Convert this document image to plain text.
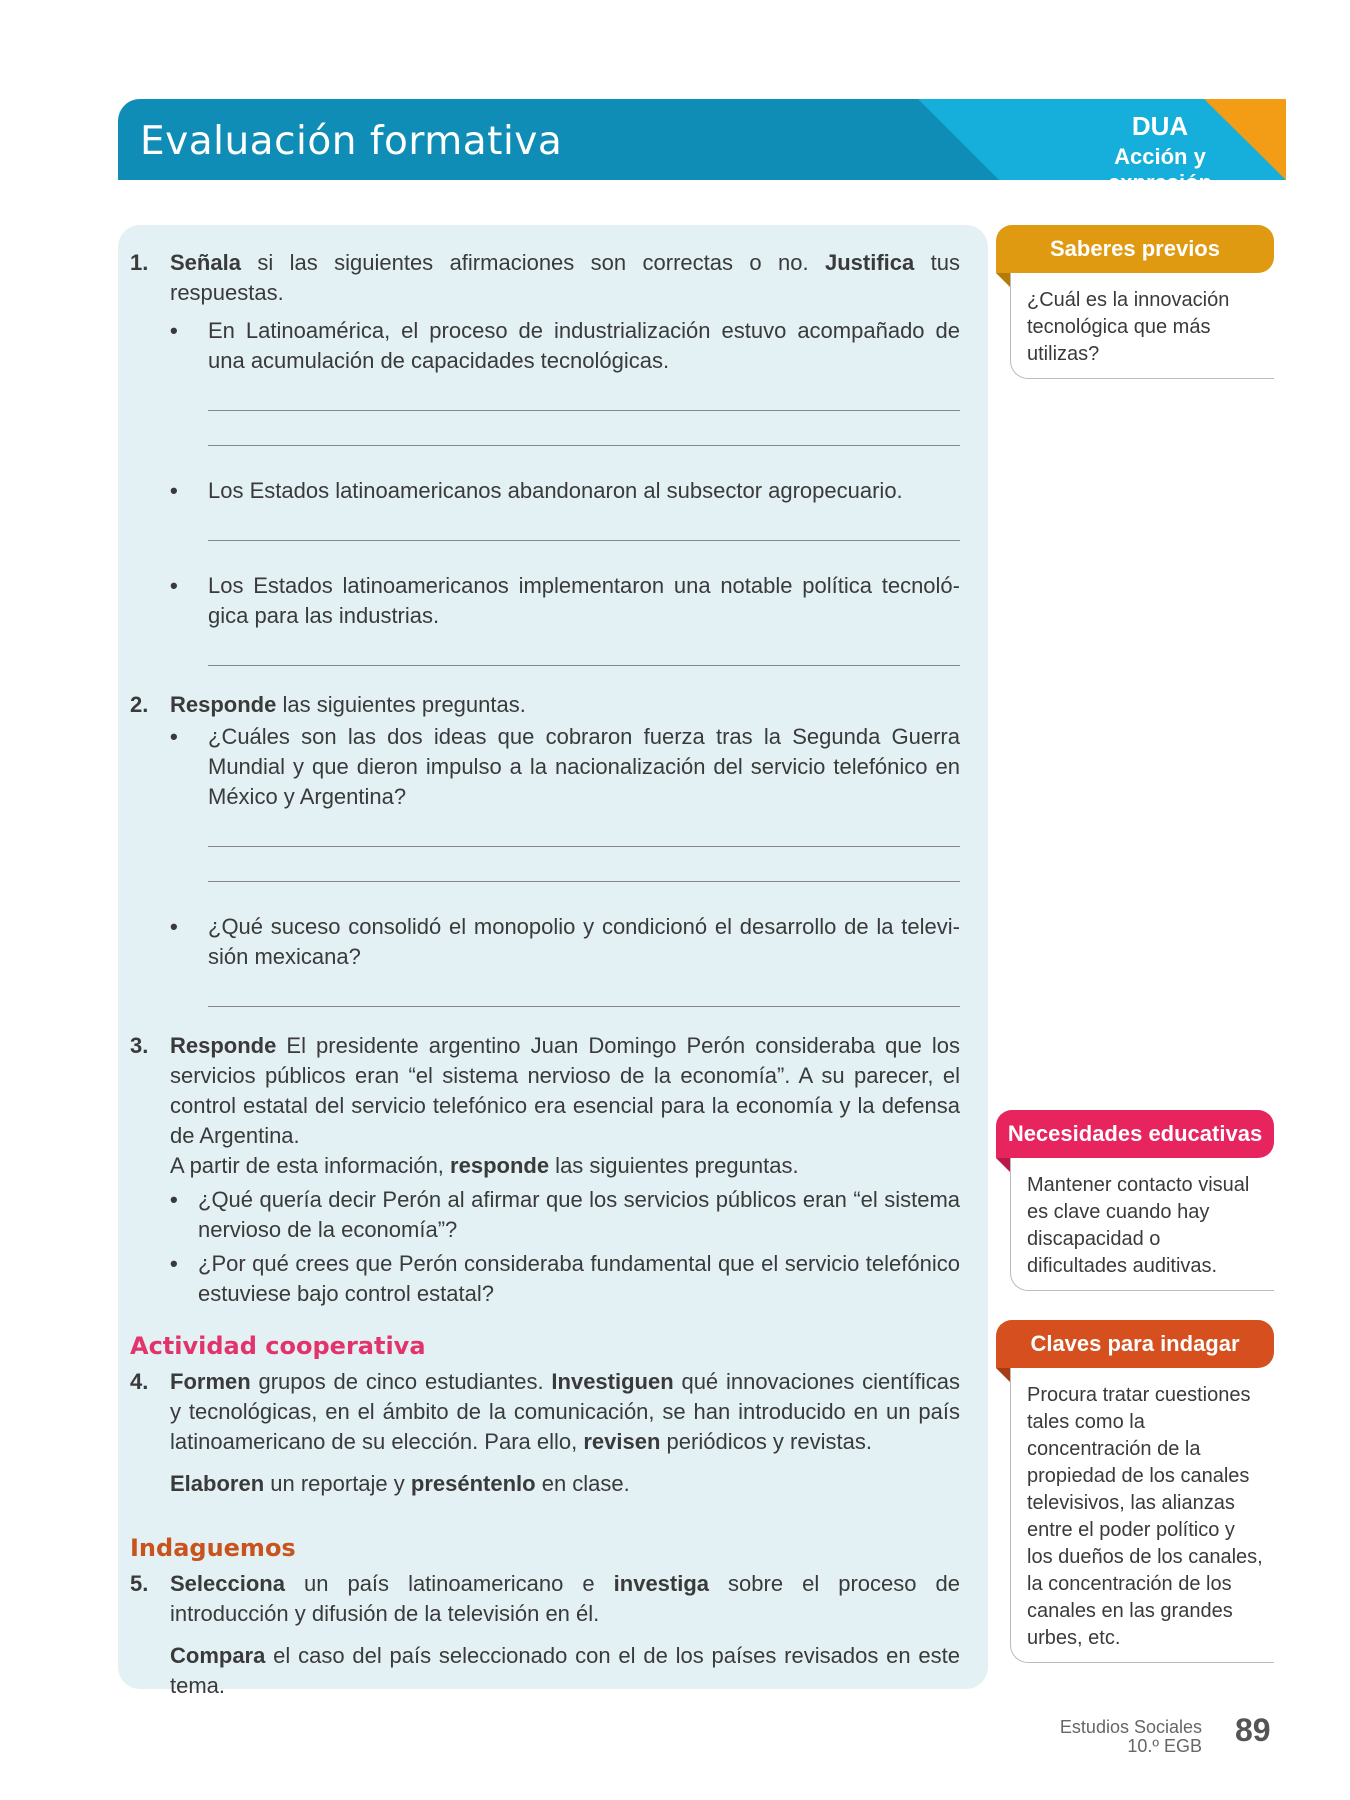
Evaluación formativa	DUA
Acción y expresión
1. Señala si las siguientes afirmaciones son correctas o no. Justifica tus respuestas.

• En Latinoamérica, el proceso de industrialización estuvo acompañado de una acumulación de capacidades tecnológicas.
• Los Estados latinoamericanos abandonaron al subsector agropecuario.
• Los Estados latinoamericanos implementaron una notable política tecnoló-gica para las industrias.
2. Responde las siguientes preguntas.

• ¿Cuáles son las dos ideas que cobraron fuerza tras la Segunda Guerra Mundial y que dieron impulso a la nacionalización del servicio telefónico en México y Argentina?
• ¿Qué suceso consolidó el monopolio y condicionó el desarrollo de la televi-sión mexicana?
3. Responde El presidente argentino Juan Domingo Perón consideraba que los servicios públicos eran “el sistema nervioso de la economía”. A su parecer, el control estatal del servicio telefónico era esencial para la economía y la defensa de Argentina.

A partir de esta información, responde las siguientes preguntas.

• ¿Qué quería decir Perón al afirmar que los servicios públicos eran “el sistema nervioso de la economía”?
• ¿Por qué crees que Perón consideraba fundamental que el servicio telefónico estuviese bajo control estatal?
Actividad cooperativa
4. Formen grupos de cinco estudiantes. Investiguen qué innovaciones científicas y tecnológicas, en el ámbito de la comunicación, se han introducido en un país latinoamericano de su elección. Para ello, revisen periódicos y revistas.

Elaboren un reportaje y preséntenlo en clase.

Indaguemos
5. Selecciona un país latinoamericano e investiga sobre el proceso de introducción y difusión de la televisión en él.

Compara el caso del país seleccionado con el de los países revisados en este tema.

Saberes previos
¿Cuál es la innovación tecnológica que más utilizas?
Necesidades educativas
Mantener contacto visual es clave cuando hay discapacidad o dificultades auditivas.
Claves para indagar
Procura tratar cuestiones tales como la concentración de la propiedad de los canales televisivos, las alianzas entre el poder político y los dueños de los canales, la concentración de los canales en las grandes urbes, etc.
Estudios Sociales
10.º EGB 89
